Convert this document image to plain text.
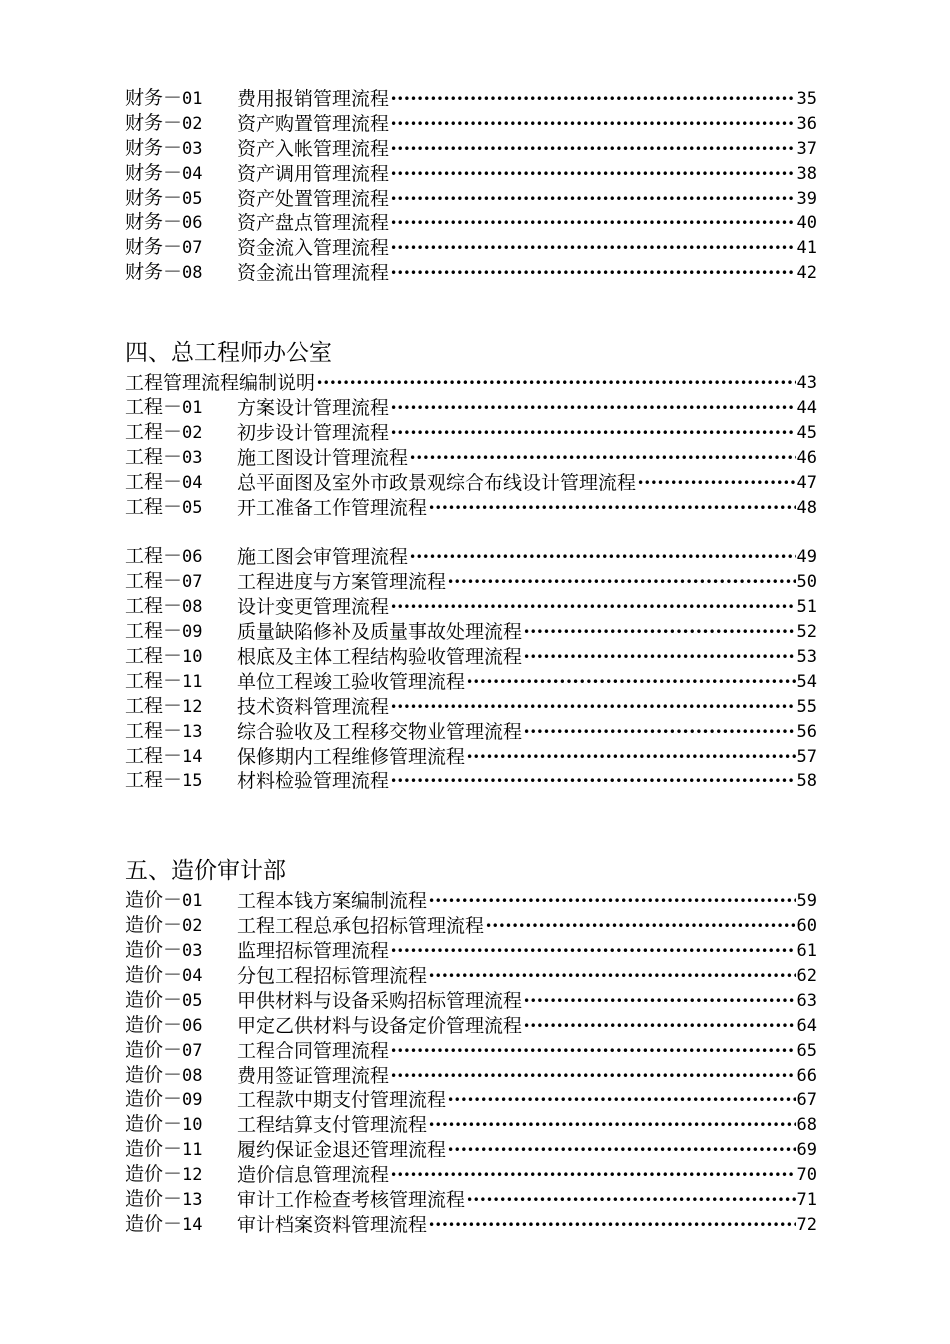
财务－01	费用报销管理流程 •••••	35
财务－02	资产购置管理流程 •••••	36
财务－03	资产入帐管理流程 •••••	37
财务－04	资产调用管理流程 •••••	38
财务－05	资产处置管理流程 •••••	39
财务－06	资产盘点管理流程 •••••	40
财务－07	资金流入管理流程 •••••	41
财务－08	资金流出管理流程 •••••	42
四、总工程师办公室
工程管理流程编制说明 •••••	43
工程－01	方案设计管理流程 •••••	44
工程－02	初步设计管理流程 •••••	45
工程－03	施工图设计管理流程 •••••	46
工程－04	总平面图及室外市政景观综合布线设计管理流程 •••••	47
工程－05	开工准备工作管理流程 •••••	48
工程－06	施工图会审管理流程 •••••	49
工程－07	工程进度与方案管理流程 •••••	50
工程－08	设计变更管理流程 •••••	51
工程－09	质量缺陷修补及质量事故处理流程 •••••	52
工程－10	根底及主体工程结构验收管理流程 •••••	53
工程－11	单位工程竣工验收管理流程 •••••	54
工程－12	技术资料管理流程 •••••	55
工程－13	综合验收及工程移交物业管理流程 •••••	56
工程－14	保修期内工程维修管理流程 •••••	57
工程－15	材料检验管理流程 •••••	58
五、造价审计部
造价－01	工程本钱方案编制流程 •••••	59
造价－02	工程工程总承包招标管理流程 •••••	60
造价－03	监理招标管理流程 •••••	61
造价－04	分包工程招标管理流程 •••••	62
造价－05	甲供材料与设备采购招标管理流程 •••••	63
造价－06	甲定乙供材料与设备定价管理流程 •••••	64
造价－07	工程合同管理流程 •••••	65
造价－08	费用签证管理流程 •••••	66
造价－09	工程款中期支付管理流程 •••••	67
造价－10	工程结算支付管理流程 •••••	68
造价－11	履约保证金退还管理流程 •••••	69
造价－12	造价信息管理流程 •••••	70
造价－13	审计工作检查考核管理流程 •••••	71
造价－14	审计档案资料管理流程 •••••	72
